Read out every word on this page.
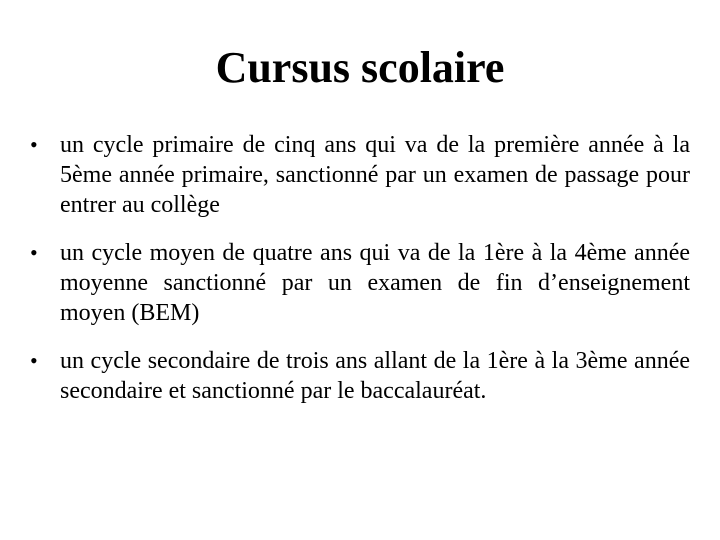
Cursus scolaire
• un cycle primaire de cinq ans qui va de la première année à la 5ème année primaire, sanctionné par un examen de passage pour entrer au collège
• un cycle moyen de quatre ans qui va de la 1ère à la 4ème année moyenne sanctionné par un examen de fin d’enseignement moyen (BEM)
• un cycle secondaire de trois ans allant de la 1ère à la 3ème année secondaire et sanctionné par le baccalauréat.
